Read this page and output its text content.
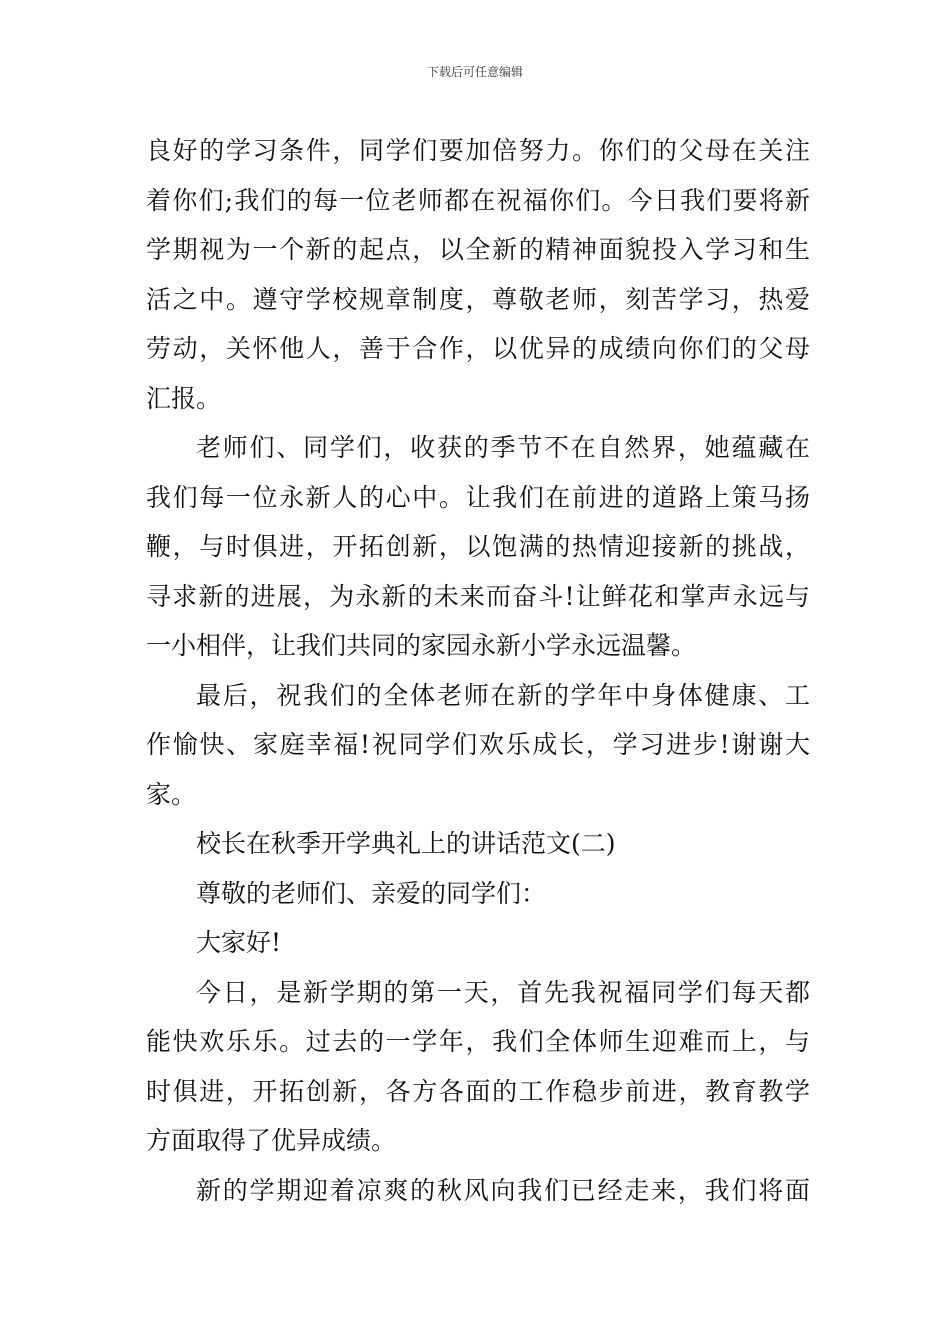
下载后可任意编辑
良好的学习条件，同学们要加倍努力。你们的父母在关注
着你们;我们的每一位老师都在祝福你们。今日我们要将新
学期视为一个新的起点，以全新的精神面貌投入学习和生
活之中。遵守学校规章制度，尊敬老师，刻苦学习，热爱
劳动，关怀他人，善于合作，以优异的成绩向你们的父母
汇报。
老师们、同学们，收获的季节不在自然界，她蕴藏在
我们每一位永新人的心中。让我们在前进的道路上策马扬
鞭，与时俱进，开拓创新，以饱满的热情迎接新的挑战，
寻求新的进展，为永新的未来而奋斗!让鲜花和掌声永远与
一小相伴，让我们共同的家园永新小学永远温馨。
最后，祝我们的全体老师在新的学年中身体健康、工
作愉快、家庭幸福!祝同学们欢乐成长，学习进步!谢谢大
家。
校长在秋季开学典礼上的讲话范文(二)
尊敬的老师们、亲爱的同学们：
大家好!
今日，是新学期的第一天，首先我祝福同学们每天都
能快欢乐乐。过去的一学年，我们全体师生迎难而上，与
时俱进，开拓创新，各方各面的工作稳步前进，教育教学
方面取得了优异成绩。
新的学期迎着凉爽的秋风向我们已经走来，我们将面
